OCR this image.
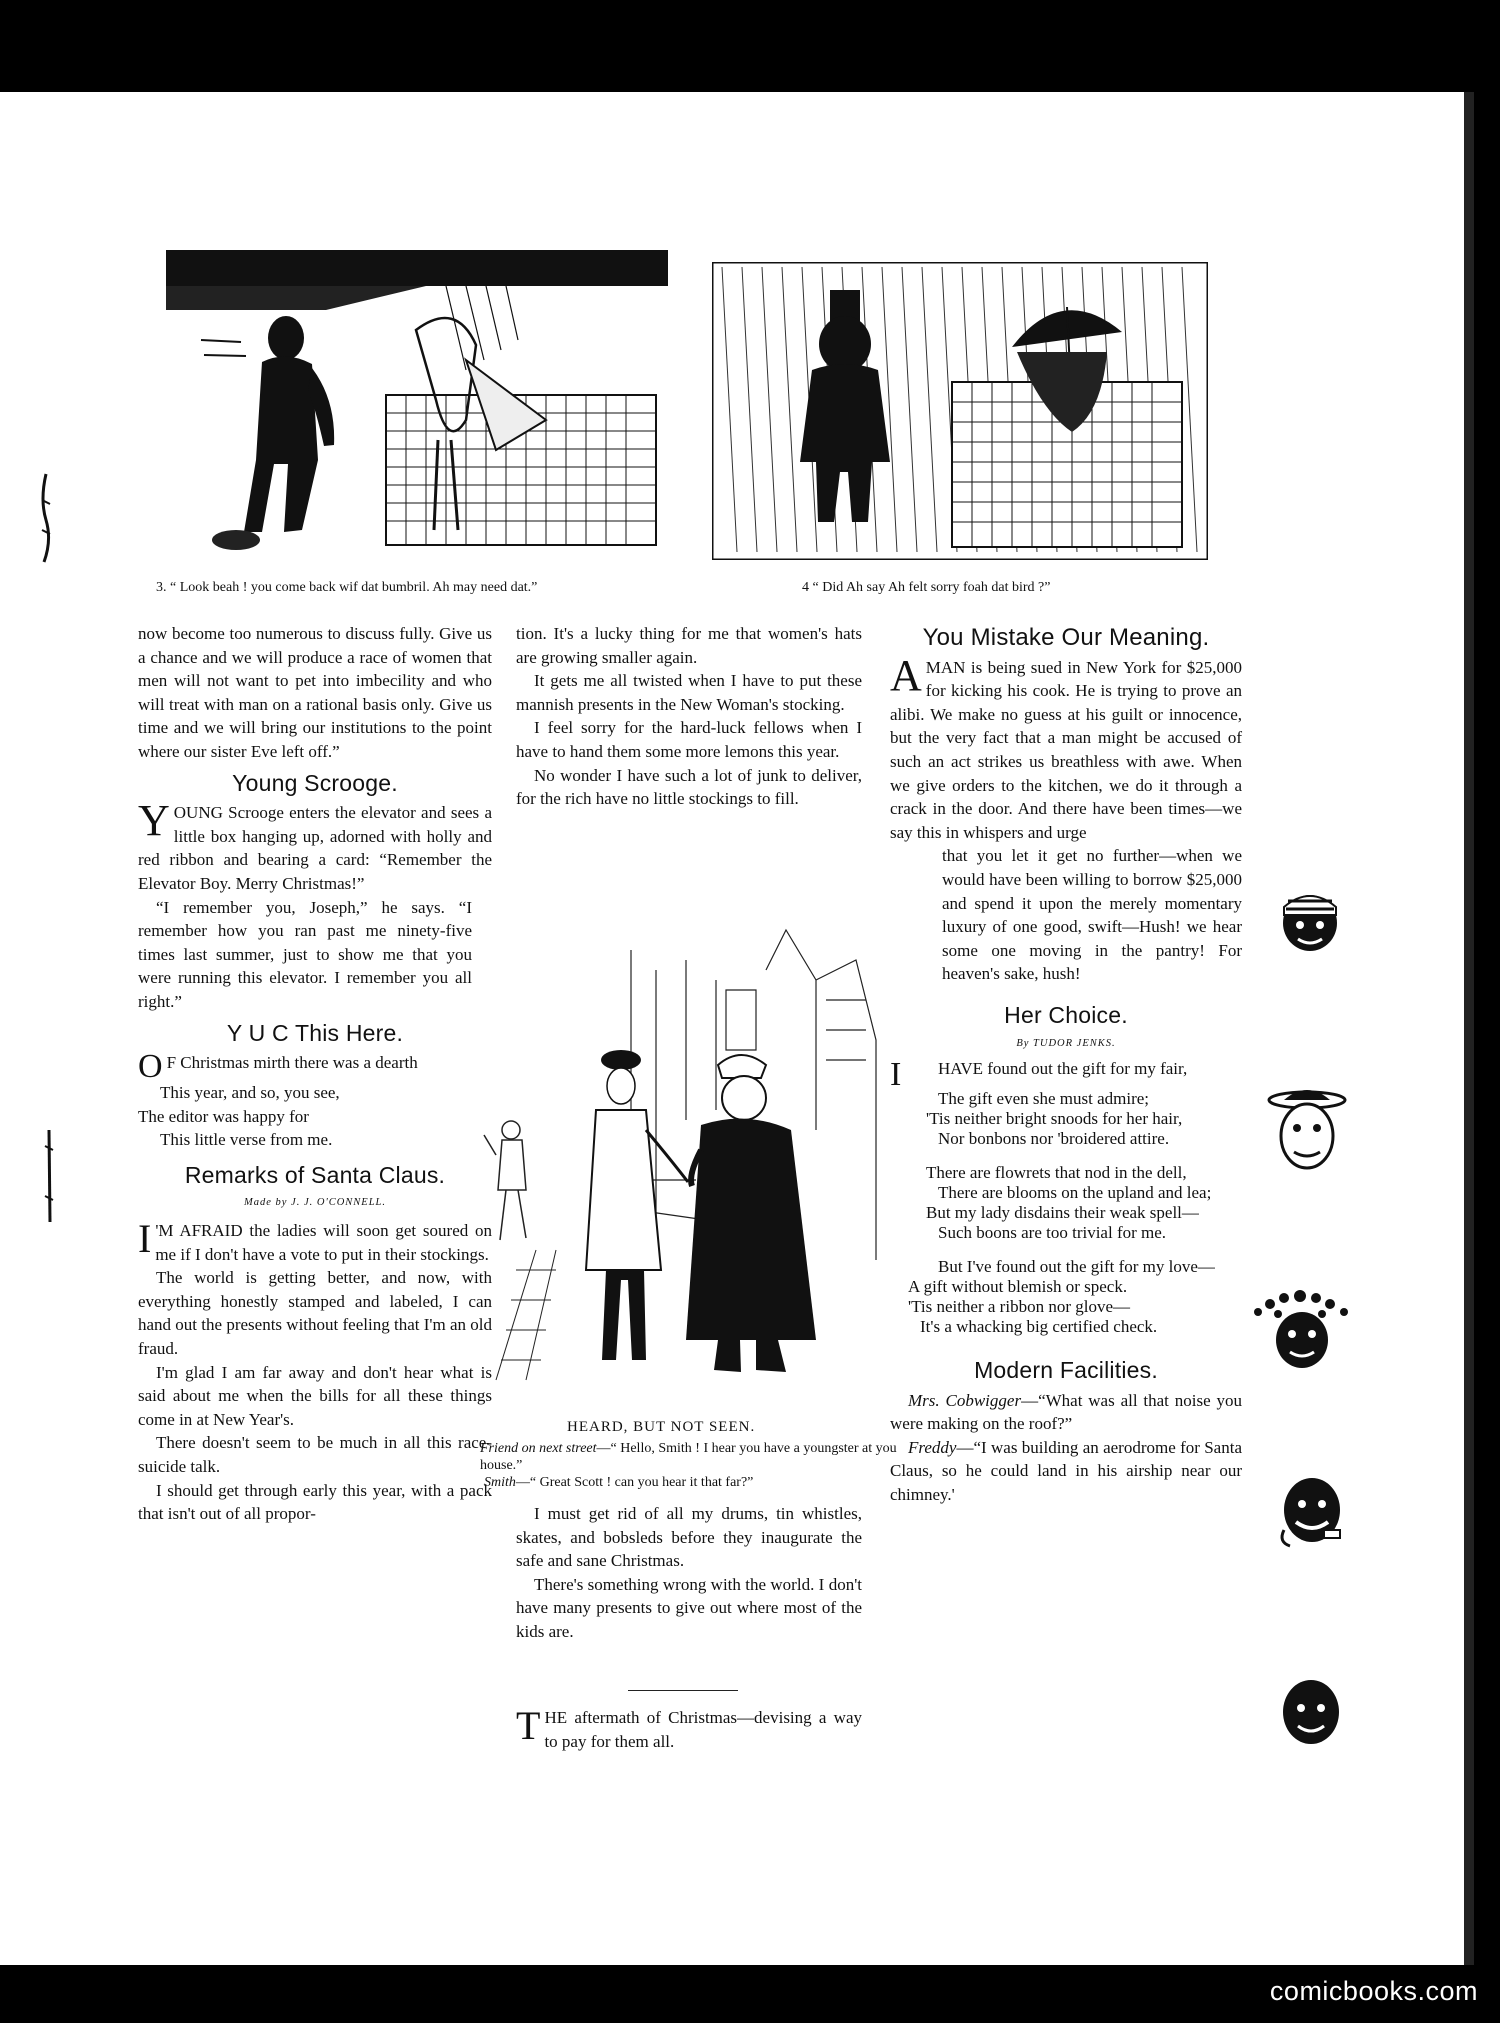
3. “ Look beah ! you come back wif dat bumbril. Ah may need dat.”	4 “ Did Ah say Ah felt sorry foah dat bird ?”

now become too numerous to discuss fully. Give us a chance and we will produce a race of women that men will not want to pet into imbecility and who will treat with man on a rational basis only. Give us time and we will bring our institutions to the point where our sister Eve left off.”

Young Scrooge.

YOUNG Scrooge enters the elevator and sees a little box hanging up, adorned with holly and red ribbon and bearing a card: “Remember the Elevator Boy. Merry Christmas!”

“I remember you, Joseph,” he says. “I remember how you ran past me ninety-five times last summer, just to show me that you were running this elevator. I remember you all right.”

Y U C This Here.

O F Christmas mirth there was a dearth

This year, and so, you see,

The editor was happy for

This little verse from me.

Remarks of Santa Claus.
Made by J. J. O'CONNELL.

I 'M AFRAID the ladies will soon get soured on me if I don't have a vote to put in their stockings.

The world is getting better, and now, with everything honestly stamped and labeled, I can hand out the presents without feeling that I'm an old fraud.

I'm glad I am far away and don't hear what is said about me when the bills for all these things come in at New Year's.

There doesn't seem to be much in all this race-suicide talk.

I should get through early this year, with a pack that isn't out of all propor-

tion. It's a lucky thing for me that women's hats are growing smaller again.

It gets me all twisted when I have to put these mannish presents in the New Woman's stocking.

I feel sorry for the hard-luck fellows when I have to hand them some more lemons this year.

No wonder I have such a lot of junk to deliver, for the rich have no little stockings to fill.

HEARD, BUT NOT SEEN.
Friend on next street—“ Hello, Smith ! I hear you have a youngster at you house.”
Smith—“ Great Scott ! can you hear it that far?”

I must get rid of all my drums, tin whistles, skates, and bobsleds before they inaugurate the safe and sane Christmas.

There's something wrong with the world. I don't have many presents to give out where most of the kids are.

THE aftermath of Christmas—devising a way to pay for them all.

You Mistake Our Meaning.

AMAN is being sued in New York for $25,000 for kicking his cook. He is trying to prove an alibi. We make no guess at his guilt or innocence, but the very fact that a man might be accused of such an act strikes us breathless with awe. When we give orders to the kitchen, we do it through a crack in the door. And there have been times—we say this in whispers and urge

that you let it get no further—when we would have been willing to borrow $25,000 and spend it upon the merely momentary luxury of one good, swift—Hush! we hear some one moving in the pantry! For heaven's sake, hush!

Her Choice.
By TUDOR JENKS.

I HAVE found out the gift for my fair,

The gift even she must admire;

'Tis neither bright snoods for her hair,

Nor bonbons nor 'broidered attire.

There are flowrets that nod in the dell,

There are blooms on the upland and lea;

But my lady disdains their weak spell—

Such boons are too trivial for me.

But I've found out the gift for my love—

A gift without blemish or speck.

'Tis neither a ribbon nor glove—

It's a whacking big certified check.

Modern Facilities.

Mrs. Cobwigger—“What was all that noise you were making on the roof?”

Freddy—“I was building an aerodrome for Santa Claus, so he could land in his airship near our chimney.'

comicbooks.com
